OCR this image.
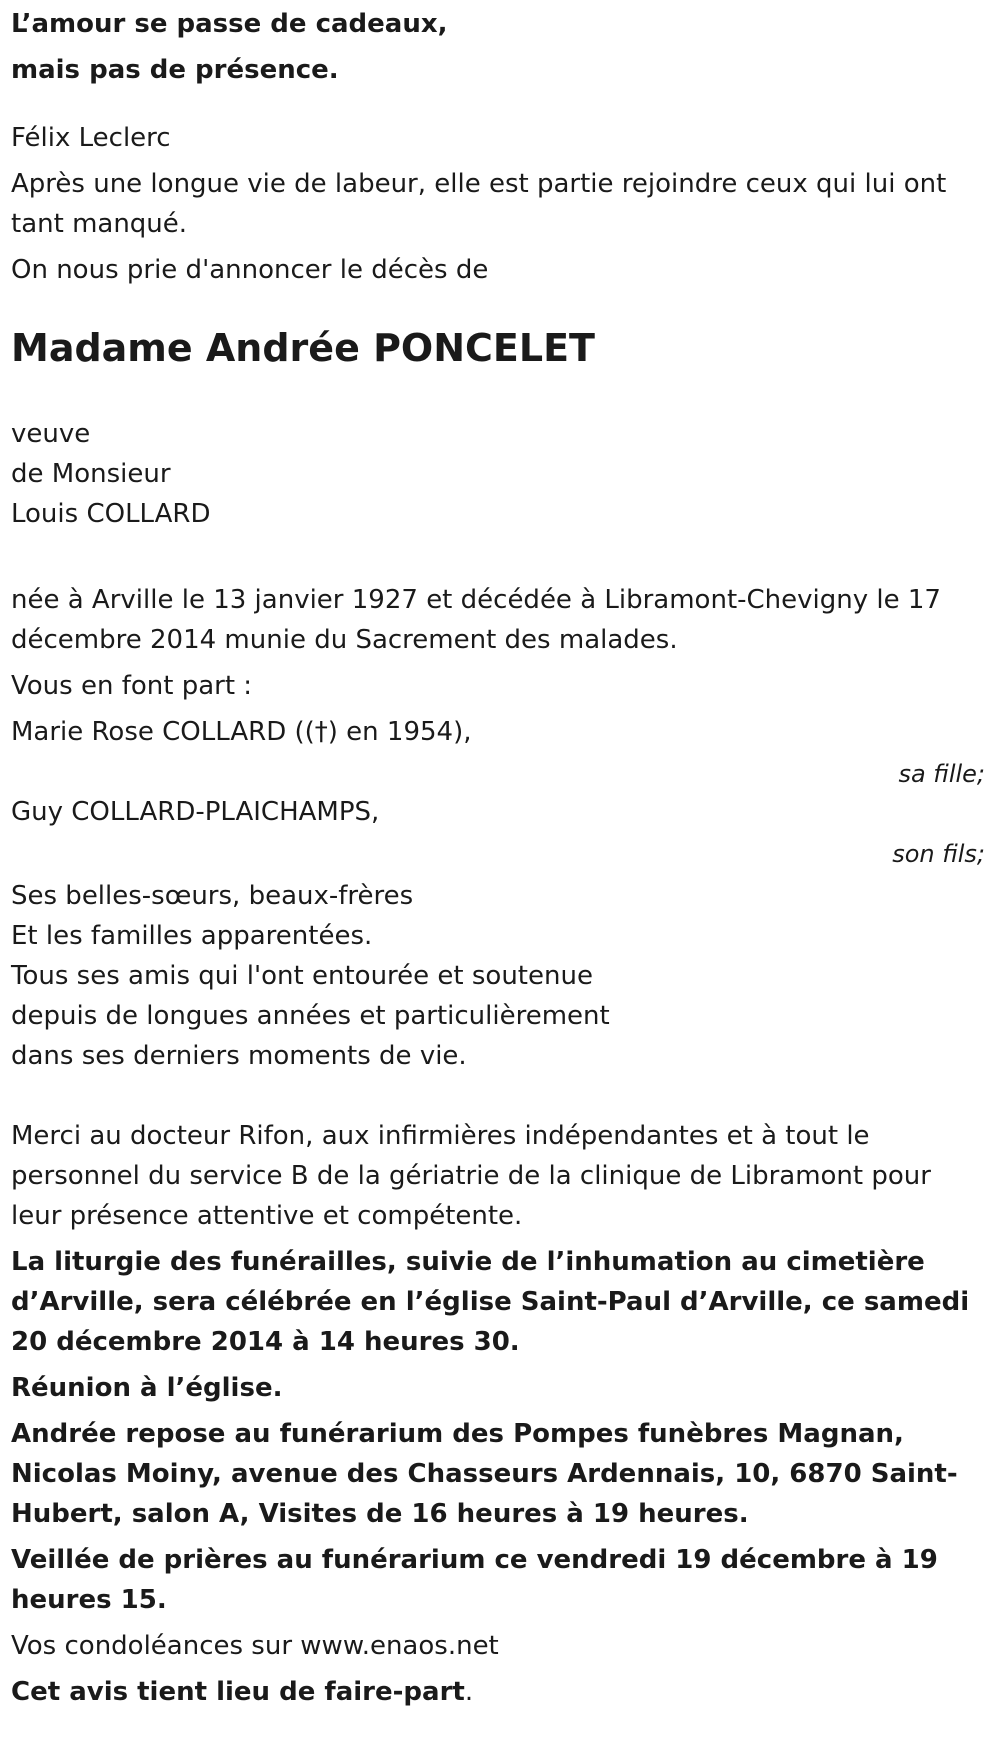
L’amour se passe de cadeaux,

mais pas de présence.

Félix Leclerc

Après une longue vie de labeur, elle est partie rejoindre ceux qui lui ont tant manqué.

On nous prie d'annoncer le décès de

Madame Andrée PONCELET

veuve

de Monsieur

Louis COLLARD

née à Arville le 13 janvier 1927 et décédée à Libramont-Chevigny le 17 décembre 2014 munie du Sacrement des malades.

Vous en font part :

Marie Rose COLLARD ((†) en 1954),

sa fille;

Guy COLLARD-PLAICHAMPS,

son fils;

Ses belles-sœurs, beaux-frères

Et les familles apparentées.

Tous ses amis qui l'ont entourée et soutenue

depuis de longues années et particulièrement

dans ses derniers moments de vie.

Merci au docteur Rifon, aux infirmières indépendantes et à tout le personnel du service B de la gériatrie de la clinique de Libramont pour leur présence attentive et compétente.

La liturgie des funérailles, suivie de l’inhumation au cimetière d’Arville, sera célébrée en l’église Saint-Paul d’Arville, ce samedi 20 décembre 2014 à 14 heures 30.

Réunion à l’église.

Andrée repose au funérarium des Pompes funèbres Magnan, Nicolas Moiny, avenue des Chasseurs Ardennais, 10, 6870 Saint-Hubert, salon A, Visites de 16 heures à 19 heures.

Veillée de prières au funérarium ce vendredi 19 décembre à 19 heures 15.

Vos condoléances sur www.enaos.net

Cet avis tient lieu de faire-part.
